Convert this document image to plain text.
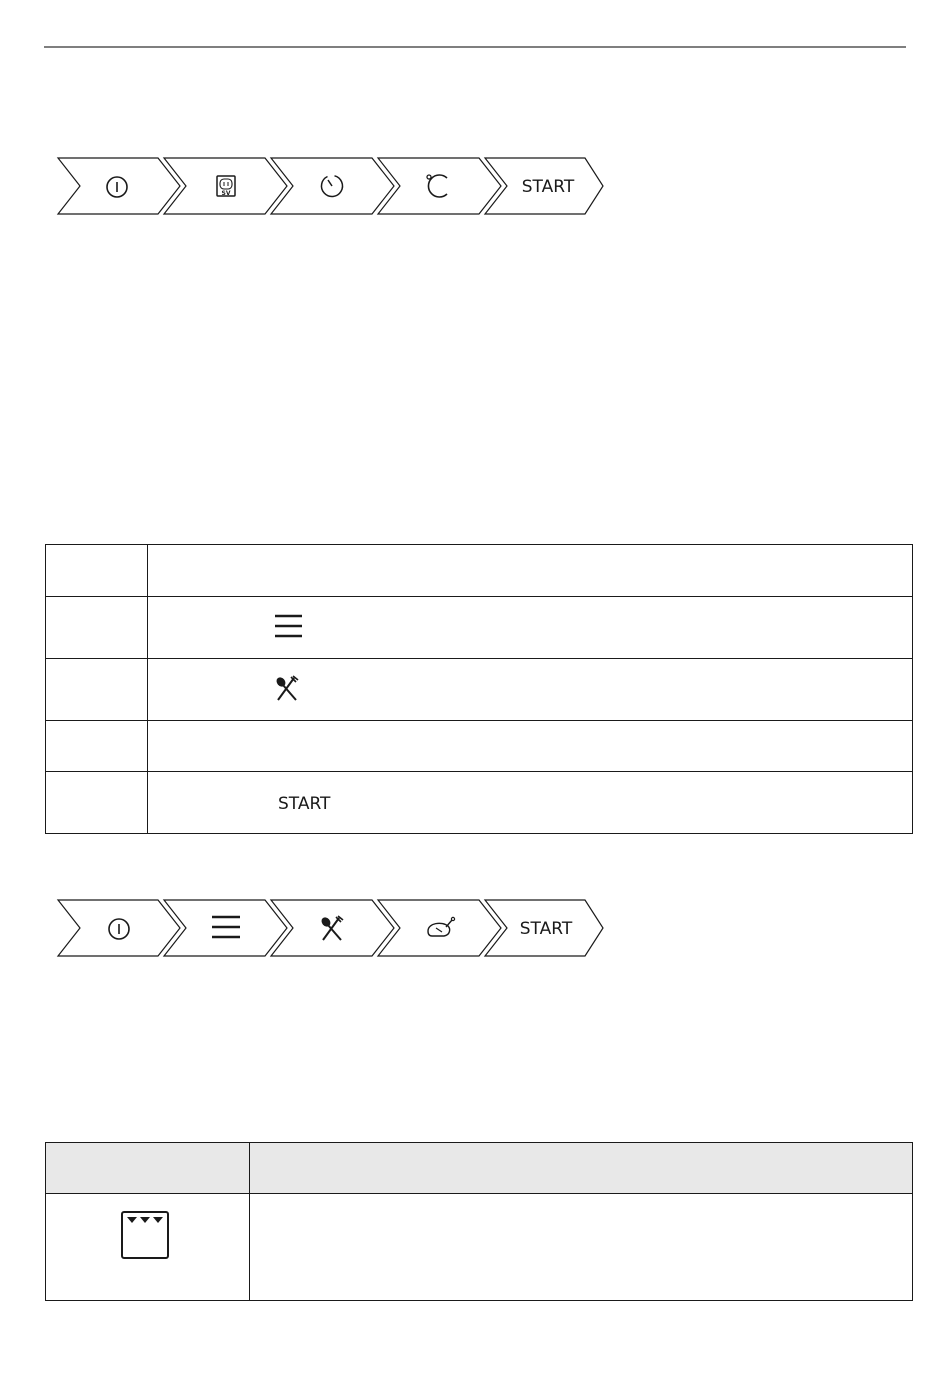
SV	START

	START
START
